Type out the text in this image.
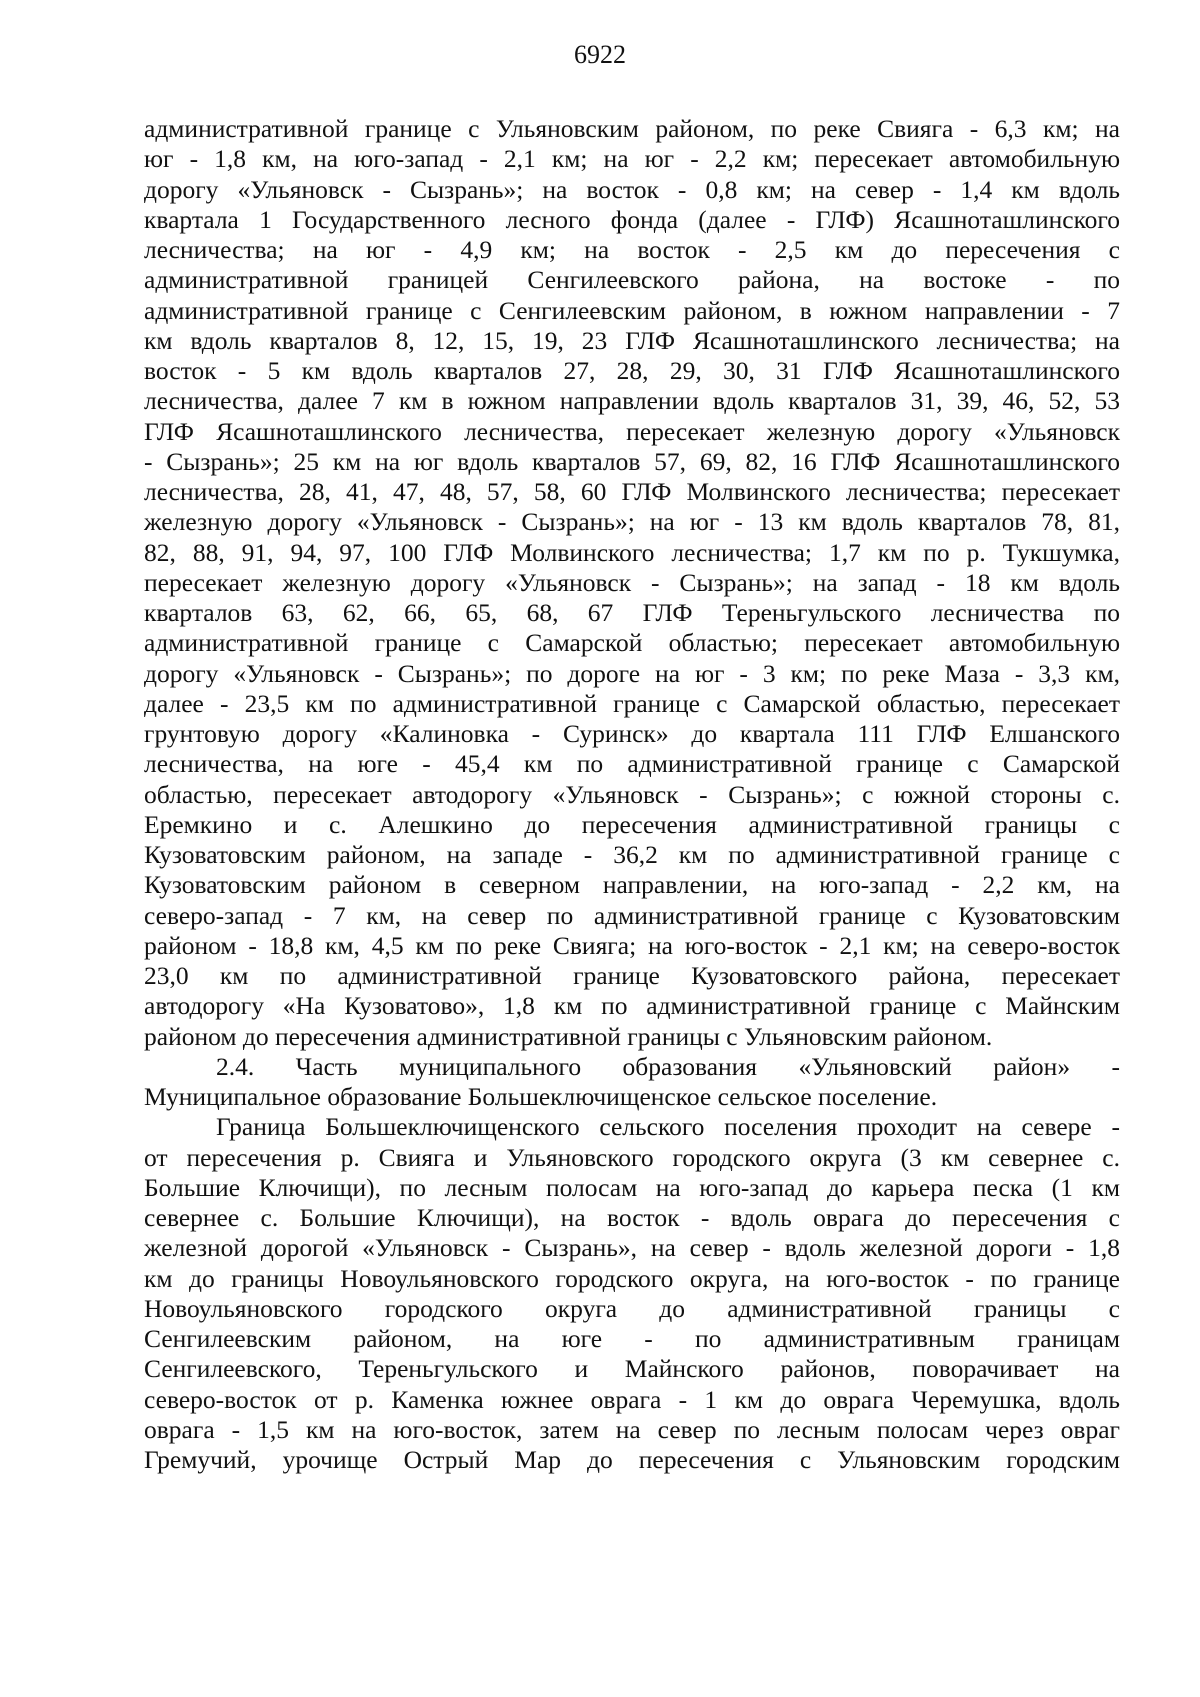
6922
административной границе с Ульяновским районом, по реке Свияга - 6,3 км; на
юг - 1,8 км, на юго-запад - 2,1 км; на юг - 2,2 км; пересекает автомобильную
дорогу «Ульяновск - Сызрань»; на восток - 0,8 км; на север - 1,4 км вдоль
квартала 1 Государственного лесного фонда (далее - ГЛФ) Ясашноташлинского
лесничества; на юг - 4,9 км; на восток - 2,5 км до пересечения с
административной границей Сенгилеевского района, на востоке - по
административной границе с Сенгилеевским районом, в южном направлении - 7
км вдоль кварталов 8, 12, 15, 19, 23 ГЛФ Ясашноташлинского лесничества; на
восток - 5 км вдоль кварталов 27, 28, 29, 30, 31 ГЛФ Ясашноташлинского
лесничества, далее 7 км в южном направлении вдоль кварталов 31, 39, 46, 52, 53
ГЛФ Ясашноташлинского лесничества, пересекает железную дорогу «Ульяновск
- Сызрань»; 25 км на юг вдоль кварталов 57, 69, 82, 16 ГЛФ Ясашноташлинского
лесничества, 28, 41, 47, 48, 57, 58, 60 ГЛФ Молвинского лесничества; пересекает
железную дорогу «Ульяновск - Сызрань»; на юг - 13 км вдоль кварталов 78, 81,
82, 88, 91, 94, 97, 100 ГЛФ Молвинского лесничества; 1,7 км по р. Тукшумка,
пересекает железную дорогу «Ульяновск - Сызрань»; на запад - 18 км вдоль
кварталов 63, 62, 66, 65, 68, 67 ГЛФ Тереньгульского лесничества по
административной границе с Самарской областью; пересекает автомобильную
дорогу «Ульяновск - Сызрань»; по дороге на юг - 3 км; по реке Маза - 3,3 км,
далее - 23,5 км по административной границе с Самарской областью, пересекает
грунтовую дорогу «Калиновка - Суринск» до квартала 111 ГЛФ Елшанского
лесничества, на юге - 45,4 км по административной границе с Самарской
областью, пересекает автодорогу «Ульяновск - Сызрань»; с южной стороны с.
Еремкино и с. Алешкино до пересечения административной границы с
Кузоватовским районом, на западе - 36,2 км по административной границе с
Кузоватовским районом в северном направлении, на юго-запад - 2,2 км, на
северо-запад - 7 км, на север по административной границе с Кузоватовским
районом - 18,8 км, 4,5 км по реке Свияга; на юго-восток - 2,1 км; на северо-восток
23,0 км по административной границе Кузоватовского района, пересекает
автодорогу «На Кузоватово», 1,8 км по административной границе с Майнским
районом до пересечения административной границы с Ульяновским районом.
2.4. Часть муниципального образования «Ульяновский район» -
Муниципальное образование Большеключищенское сельское поселение.
Граница Большеключищенского сельского поселения проходит на севере -
от пересечения р. Свияга и Ульяновского городского округа (3 км севернее с.
Большие Ключищи), по лесным полосам на юго-запад до карьера песка (1 км
севернее с. Большие Ключищи), на восток - вдоль оврага до пересечения с
железной дорогой «Ульяновск - Сызрань», на север - вдоль железной дороги - 1,8
км до границы Новоульяновского городского округа, на юго-восток - по границе
Новоульяновского городского округа до административной границы с
Сенгилеевским районом, на юге - по административным границам
Сенгилеевского, Тереньгульского и Майнского районов, поворачивает на
северо-восток от р. Каменка южнее оврага - 1 км до оврага Черемушка, вдоль
оврага - 1,5 км на юго-восток, затем на север по лесным полосам через овраг
Гремучий, урочище Острый Мар до пересечения с Ульяновским городским
